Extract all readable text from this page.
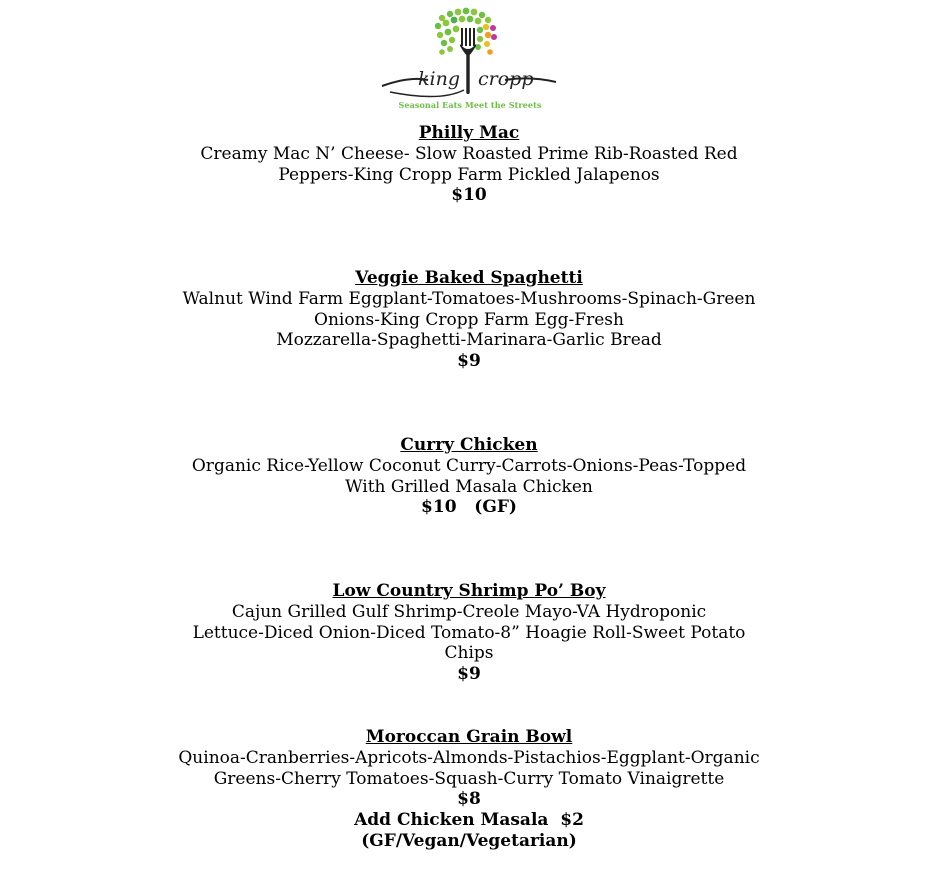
king cropp
Seasonal Eats Meet the Streets
Philly Mac
Creamy Mac N’ Cheese- Slow Roasted Prime Rib-Roasted Red
Peppers-King Cropp Farm Pickled Jalapenos
$10
Veggie Baked Spaghetti
Walnut Wind Farm Eggplant-Tomatoes-Mushrooms-Spinach-Green
Onions-King Cropp Farm Egg-Fresh
Mozzarella-Spaghetti-Marinara-Garlic Bread
$9
Curry Chicken
Organic Rice-Yellow Coconut Curry-Carrots-Onions-Peas-Topped
With Grilled Masala Chicken
$10   (GF)
Low Country Shrimp Po’ Boy
Cajun Grilled Gulf Shrimp-Creole Mayo-VA Hydroponic
Lettuce-Diced Onion-Diced Tomato-8” Hoagie Roll-Sweet Potato
Chips
$9
Moroccan Grain Bowl
Quinoa-Cranberries-Apricots-Almonds-Pistachios-Eggplant-Organic
Greens-Cherry Tomatoes-Squash-Curry Tomato Vinaigrette
$8
Add Chicken Masala  $2
(GF/Vegan/Vegetarian)
